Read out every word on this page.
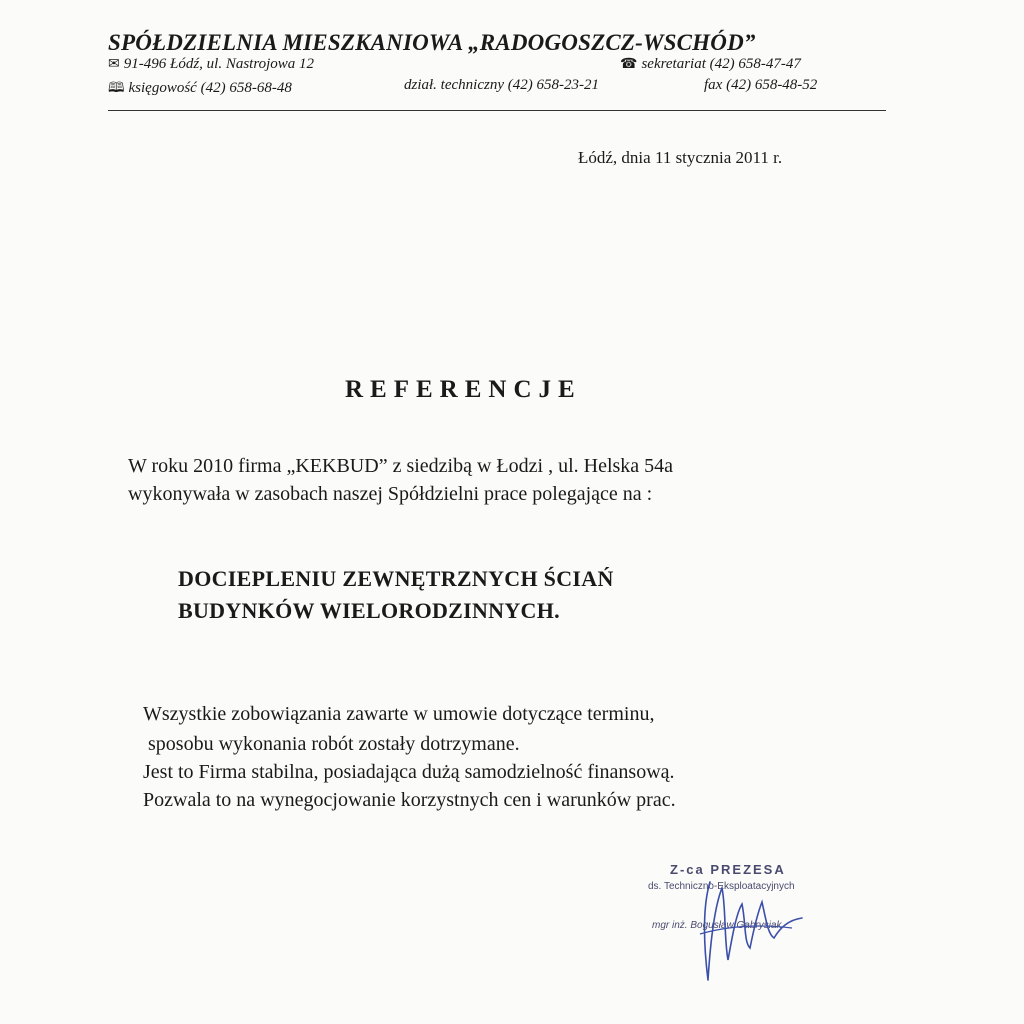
SPÓŁDZIELNIA MIESZKANIOWA „RADOGOSZCZ-WSCHÓD”
✉ 91-496 Łódź, ul. Nastrojowa 12	☎ sekretariat (42) 658-47-47
🕮 księgowość (42) 658-68-48	dział. techniczny (42) 658-23-21	fax (42) 658-48-52
Łódź, dnia 11 stycznia 2011 r.
REFERENCJE
W roku 2010 firma „KEKBUD” z siedzibą w Łodzi , ul. Helska 54a
wykonywała w zasobach naszej Spółdzielni prace polegające na :
DOCIEPLENIU ZEWNĘTRZNYCH ŚCIAŃ
BUDYNKÓW WIELORODZINNYCH.
Wszystkie zobowiązania zawarte w umowie dotyczące terminu,
sposobu wykonania robót zostały dotrzymane.
Jest to Firma stabilna, posiadająca dużą samodzielność finansową.
Pozwala to na wynegocjowanie korzystnych cen i warunków prac.
Z-ca PREZESA
ds. Techniczno-Eksploatacyjnych
mgr inż. Bogusław Gabrysiak
